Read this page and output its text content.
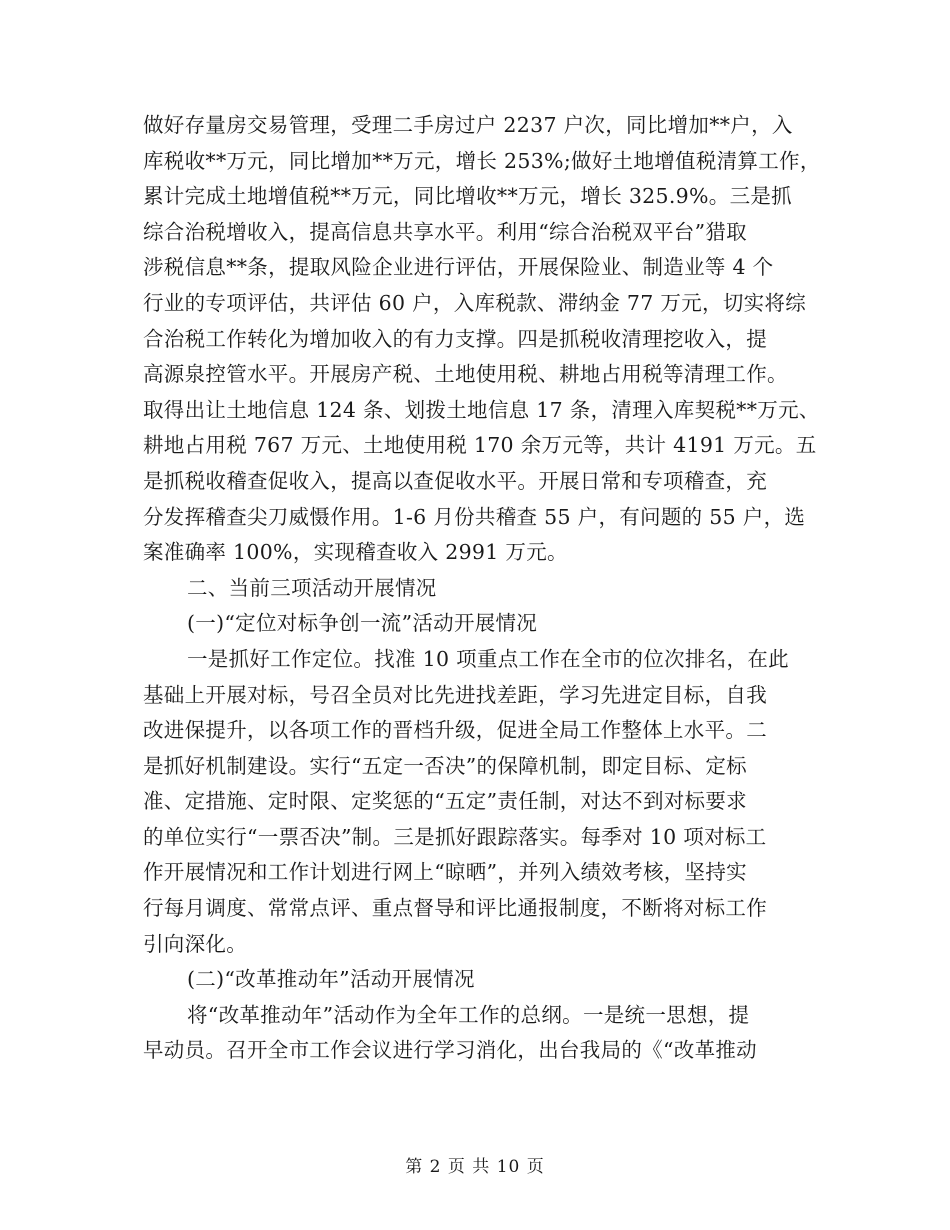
做好存量房交易管理，受理二手房过户 2237 户次，同比增加**户，入
库税收**万元，同比增加**万元，增长 253%;做好土地增值税清算工作，
累计完成土地增值税**万元，同比增收**万元，增长 325.9%。三是抓
综合治税增收入，提高信息共享水平。利用“综合治税双平台”猎取
涉税信息**条，提取风险企业进行评估，开展保险业、制造业等 4 个
行业的专项评估，共评估 60 户，入库税款、滞纳金 77 万元，切实将综
合治税工作转化为增加收入的有力支撑。四是抓税收清理挖收入，提
高源泉控管水平。开展房产税、土地使用税、耕地占用税等清理工作。
取得出让土地信息 124 条、划拨土地信息 17 条，清理入库契税**万元、
耕地占用税 767 万元、土地使用税 170 余万元等，共计 4191 万元。五
是抓税收稽查促收入，提高以查促收水平。开展日常和专项稽查，充
分发挥稽查尖刀威慑作用。1-6 月份共稽查 55 户，有问题的 55 户，选
案准确率 100%，实现稽查收入 2991 万元。
二、当前三项活动开展情况
(一)“定位对标争创一流”活动开展情况
一是抓好工作定位。找准 10 项重点工作在全市的位次排名，在此
基础上开展对标，号召全员对比先进找差距，学习先进定目标，自我
改进保提升，以各项工作的晋档升级，促进全局工作整体上水平。二
是抓好机制建设。实行“五定一否决”的保障机制，即定目标、定标
准、定措施、定时限、定奖惩的“五定”责任制，对达不到对标要求
的单位实行“一票否决”制。三是抓好跟踪落实。每季对 10 项对标工
作开展情况和工作计划进行网上“晾晒”，并列入绩效考核，坚持实
行每月调度、常常点评、重点督导和评比通报制度，不断将对标工作
引向深化。
(二)“改革推动年”活动开展情况
将“改革推动年”活动作为全年工作的总纲。一是统一思想，提
早动员。召开全市工作会议进行学习消化，出台我局的《“改革推动
第 2 页 共 10 页
